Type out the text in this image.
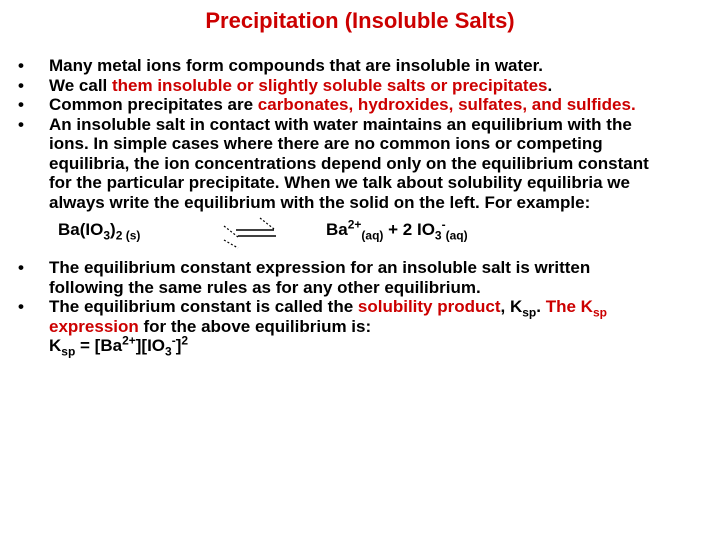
Precipitation (Insoluble Salts)
• Many metal ions form compounds that are insoluble in water.
• We call them insoluble or slightly soluble salts or precipitates.
• Common precipitates are carbonates, hydroxides, sulfates, and sulfides.
• An insoluble salt in contact with water maintains an equilibrium with the ions. In simple cases where there are no common ions or competing equilibria, the ion concentrations depend only on the equilibrium constant for the particular precipitate. When we talk about solubility equilibria we always write the equilibrium with the solid on the left. For example:
$Ba(IO_3)_{2 (s)}$	$Ba^{2+}_{(aq)} + 2$ $IO_3^-_{(aq)}$
• The equilibrium constant expression for an insoluble salt is written following the same rules as for any other equilibrium.
• The equilibrium constant is called the solubility product, $K_{sp}$. The $K_{sp}$ expression for the above equilibrium is:
$K_{sp} = [Ba^{2+}][IO_3^-]^2$
